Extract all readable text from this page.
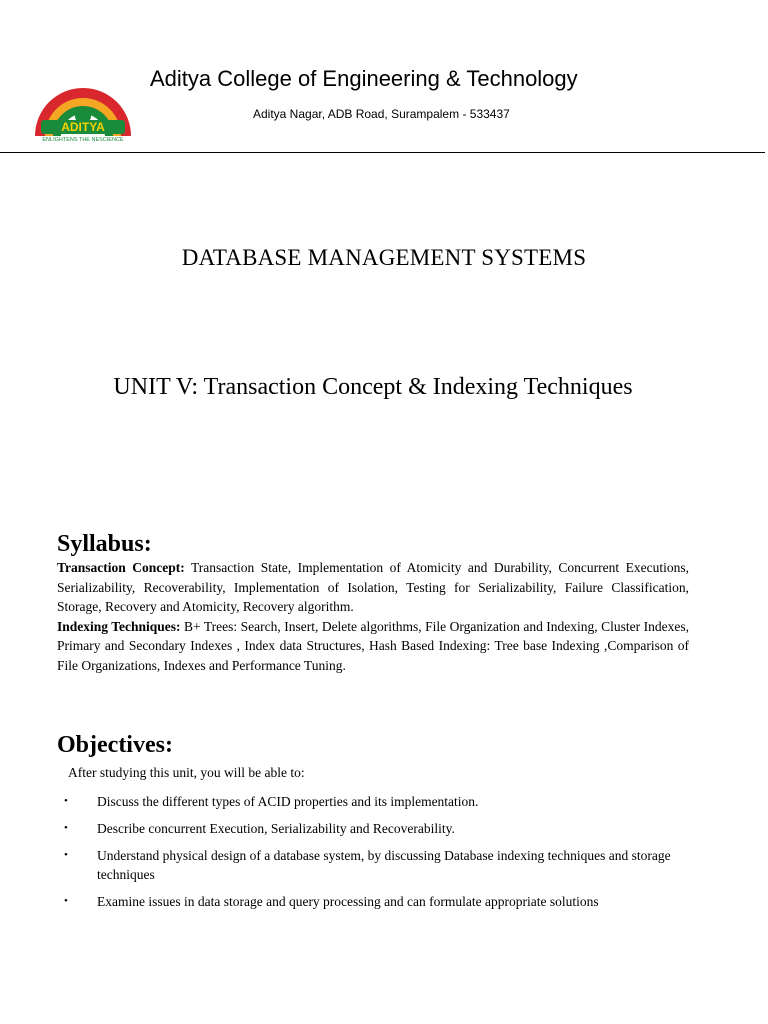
ADITYA
ENLIGHTENS THE NESCIENCE
Aditya College of Engineering & Technology
Aditya Nagar, ADB Road, Surampalem - 533437
DATABASE MANAGEMENT SYSTEMS
UNIT V: Transaction Concept & Indexing Techniques
Syllabus:

Transaction Concept: Transaction State, Implementation of Atomicity and Durability, Concurrent Executions, Serializability, Recoverability, Implementation of Isolation, Testing for Serializability, Failure Classification, Storage, Recovery and Atomicity, Recovery algorithm.

Indexing Techniques: B+ Trees: Search, Insert, Delete algorithms, File Organization and Indexing, Cluster Indexes, Primary and Secondary Indexes , Index data Structures, Hash Based Indexing: Tree base Indexing ,Comparison of File Organizations, Indexes and Performance Tuning.

Objectives:
After studying this unit, you will be able to:
• Discuss the different types of ACID properties and its implementation.
• Describe concurrent Execution, Serializability and Recoverability.
• Understand physical design of a database system, by discussing Database indexing techniques and storage techniques
• Examine issues in data storage and query processing and can formulate appropriate solutions
